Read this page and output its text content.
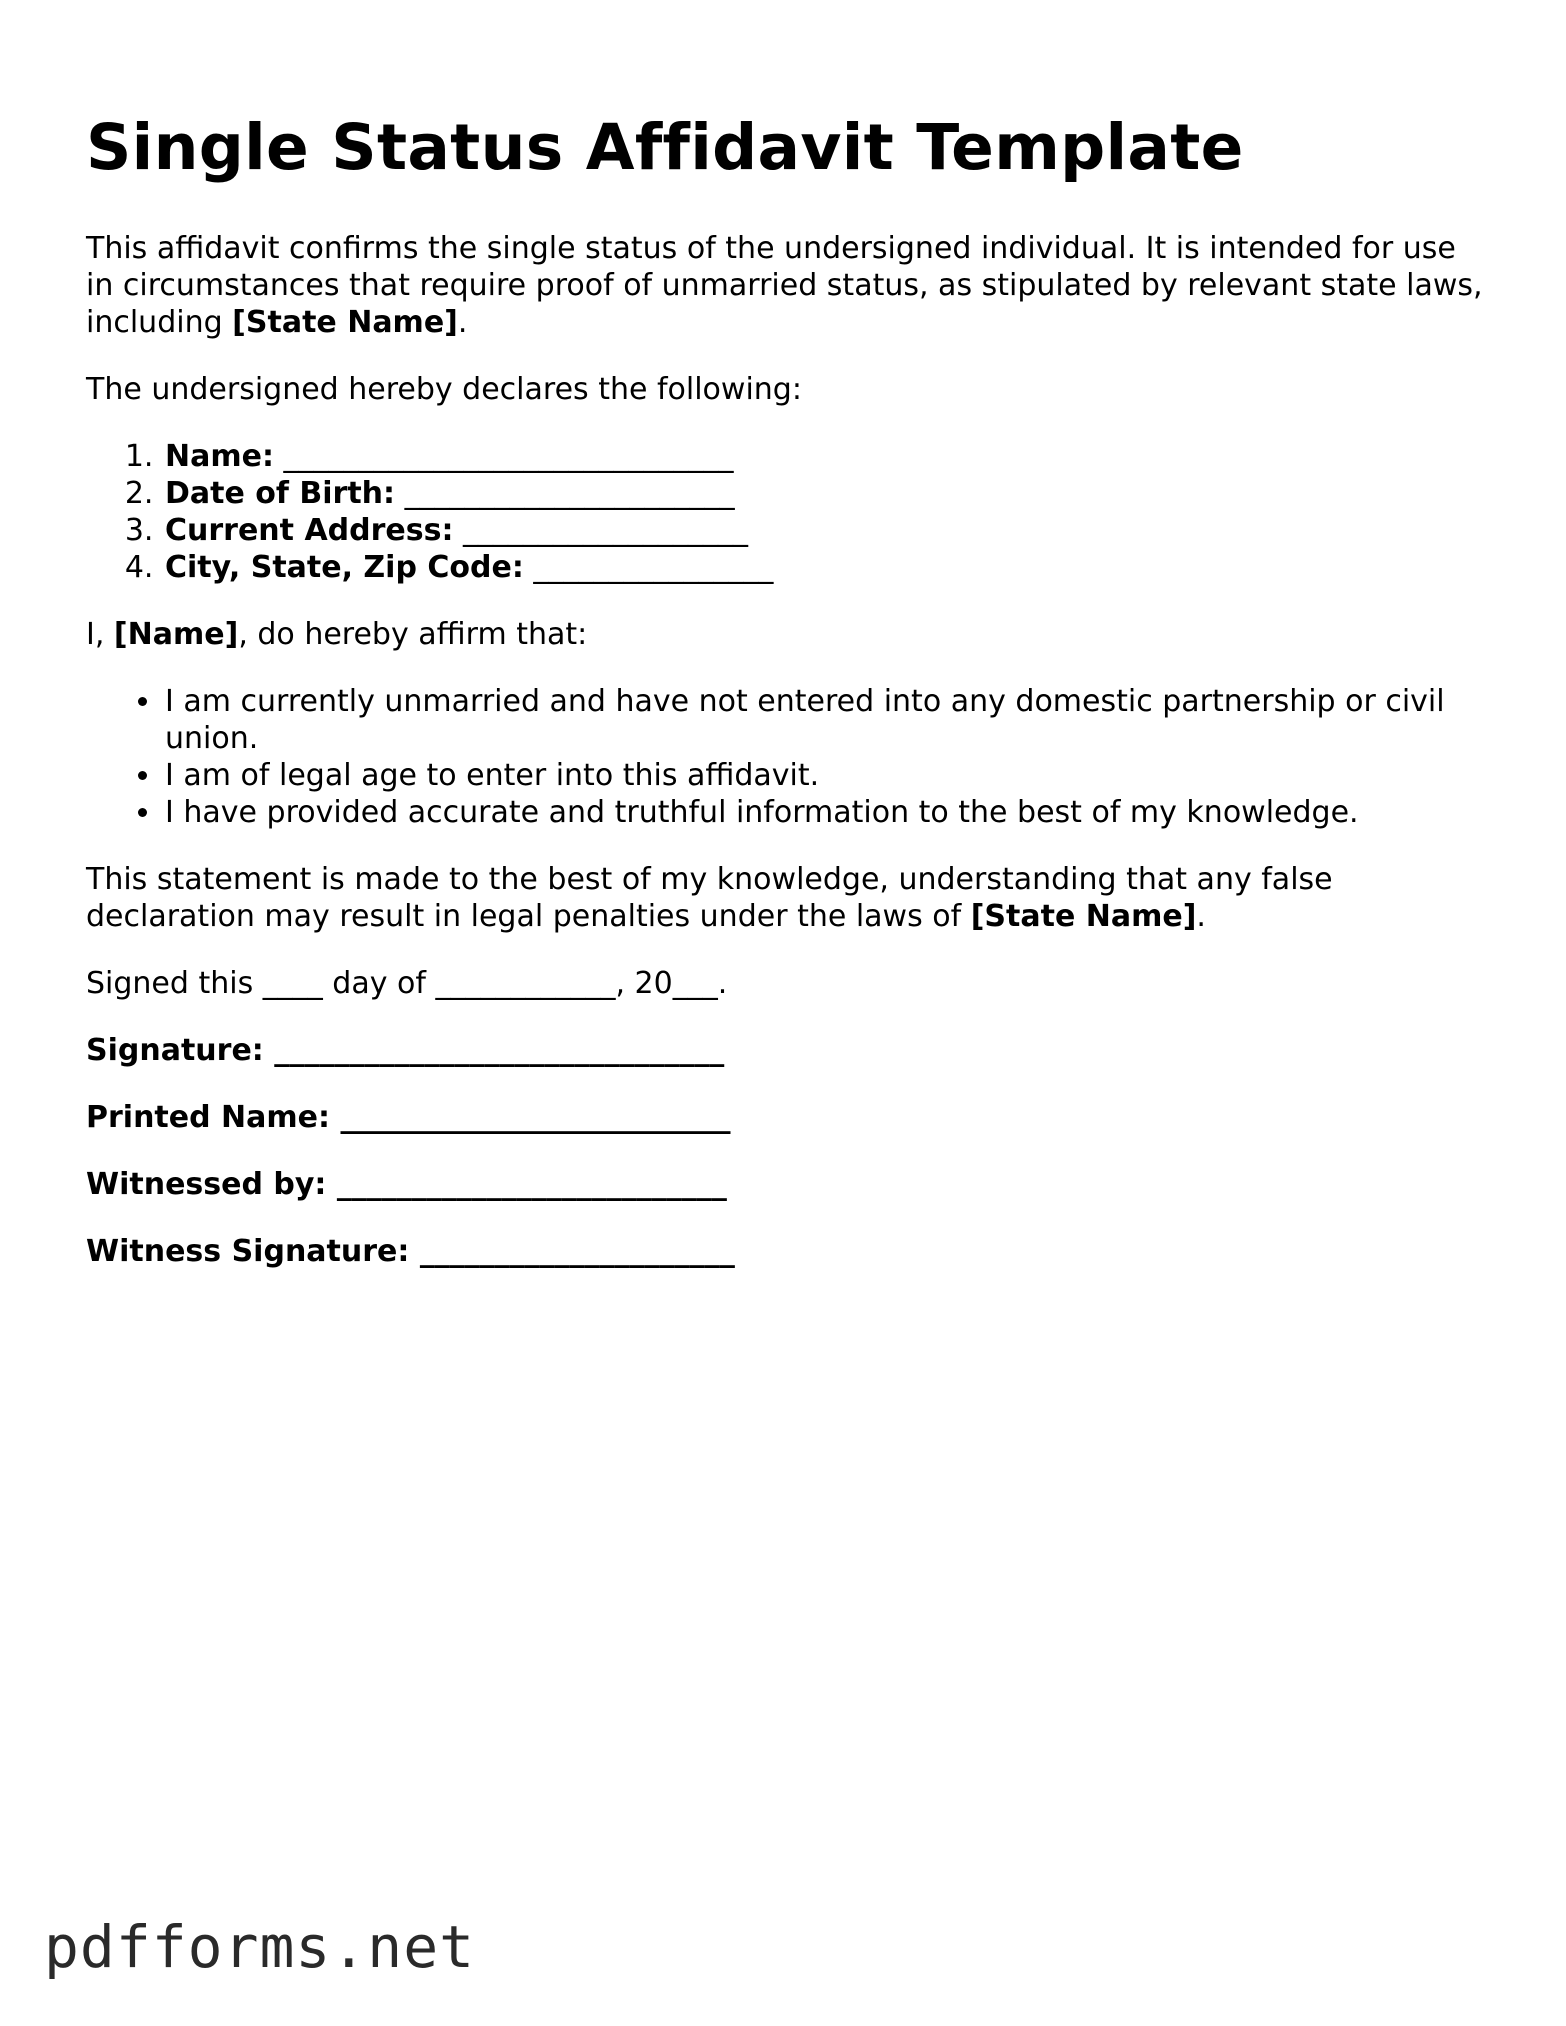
Single Status Affidavit Template

This affidavit confirms the single status of the undersigned individual. It is intended for use in circumstances that require proof of unmarried status, as stipulated by relevant state laws, including [State Name].

The undersigned hereby declares the following:

1. Name: ______________________________
2. Date of Birth: ______________________
3. Current Address: ___________________
4. City, State, Zip Code: ________________

I, [Name], do hereby affirm that:

• I am currently unmarried and have not entered into any domestic partnership or civil union.
• I am of legal age to enter into this affidavit.
• I have provided accurate and truthful information to the best of my knowledge.

This statement is made to the best of my knowledge, understanding that any false declaration may result in legal penalties under the laws of [State Name].

Signed this ____ day of ____________, 20___.

Signature: ______________________________

Printed Name: __________________________

Witnessed by: __________________________

Witness Signature: _____________________

pdfforms.net
